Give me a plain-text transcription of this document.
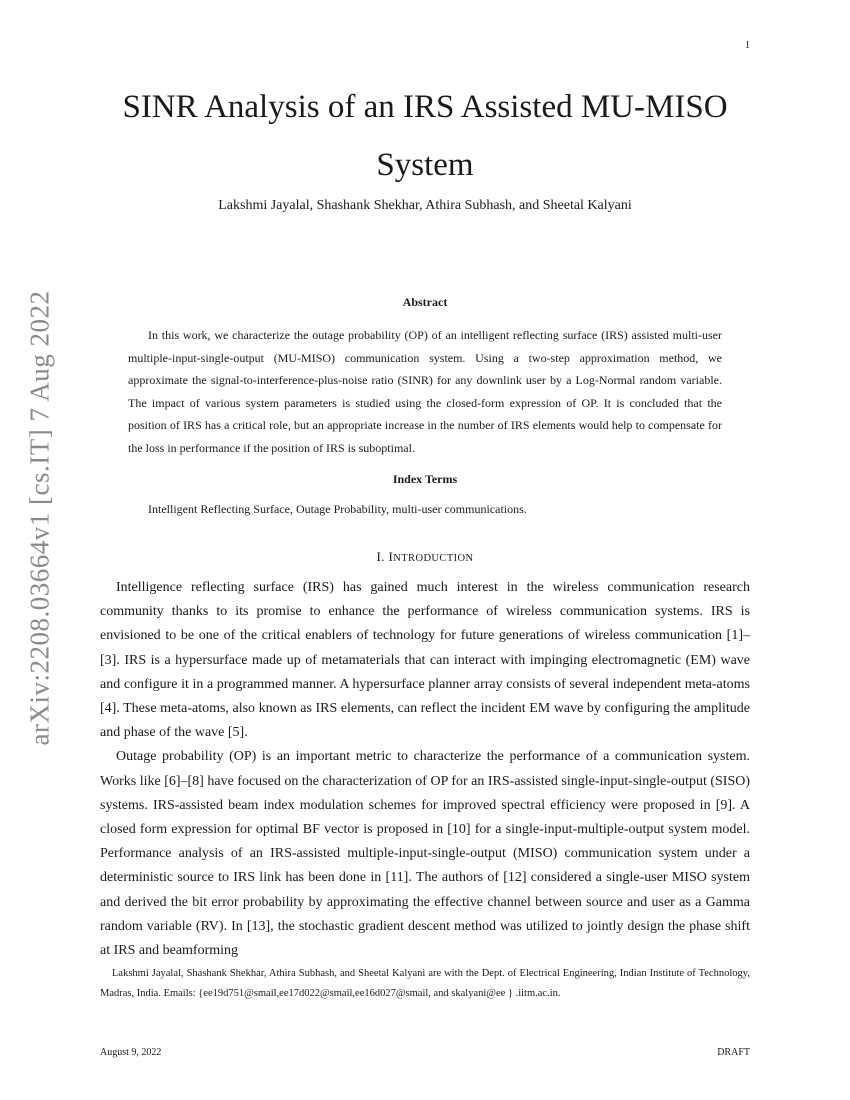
1
arXiv:2208.03664v1 [cs.IT] 7 Aug 2022
SINR Analysis of an IRS Assisted MU-MISO System
Lakshmi Jayalal, Shashank Shekhar, Athira Subhash, and Sheetal Kalyani
Abstract

In this work, we characterize the outage probability (OP) of an intelligent reflecting surface (IRS) assisted multi-user multiple-input-single-output (MU-MISO) communication system. Using a two-step approximation method, we approximate the signal-to-interference-plus-noise ratio (SINR) for any downlink user by a Log-Normal random variable. The impact of various system parameters is studied using the closed-form expression of OP. It is concluded that the position of IRS has a critical role, but an appropriate increase in the number of IRS elements would help to compensate for the loss in performance if the position of IRS is suboptimal.

Index Terms
Intelligent Reflecting Surface, Outage Probability, multi-user communications.
I. INTRODUCTION

Intelligence reflecting surface (IRS) has gained much interest in the wireless communication research community thanks to its promise to enhance the performance of wireless communication systems. IRS is envisioned to be one of the critical enablers of technology for future generations of wireless communication [1]–[3]. IRS is a hypersurface made up of metamaterials that can interact with impinging electromagnetic (EM) wave and configure it in a programmed manner. A hypersurface planner array consists of several independent meta-atoms [4]. These meta-atoms, also known as IRS elements, can reflect the incident EM wave by configuring the amplitude and phase of the wave [5].

Outage probability (OP) is an important metric to characterize the performance of a communication system. Works like [6]–[8] have focused on the characterization of OP for an IRS-assisted single-input-single-output (SISO) systems. IRS-assisted beam index modulation schemes for improved spectral efficiency were proposed in [9]. A closed form expression for optimal BF vector is proposed in [10] for a single-input-multiple-output system model. Performance analysis of an IRS-assisted multiple-input-single-output (MISO) communication system under a deterministic source to IRS link has been done in [11]. The authors of [12] considered a single-user MISO system and derived the bit error probability by approximating the effective channel between source and user as a Gamma random variable (RV). In [13], the stochastic gradient descent method was utilized to jointly design the phase shift at IRS and beamforming

Lakshmi Jayalal, Shashank Shekhar, Athira Subhash, and Sheetal Kalyani are with the Dept. of Electrical Engineering, Indian Institute of Technology, Madras, India. Emails: {ee19d751@smail,ee17d022@smail,ee16d027@smail, and skalyani@ee } .iitm.ac.in.

August 9, 2022	DRAFT
